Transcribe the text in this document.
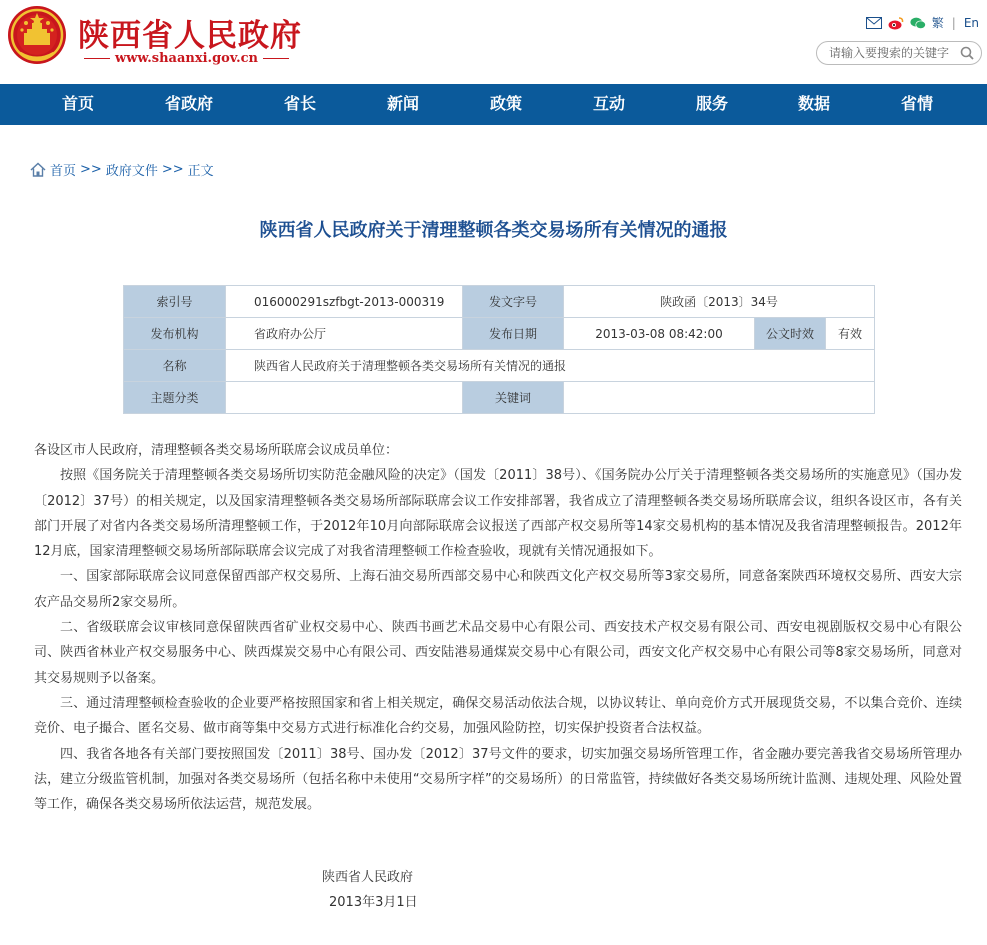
陕西省人民政府
www.shaanxi.gov.cn
繁 | En
请输入要搜索的关键字
首页	省政府	省长	新闻	政策	互动	服务	数据	省情
首页 >> 政府文件 >> 正文
陕西省人民政府关于清理整顿各类交易场所有关情况的通报
索引号	016000291szfbgt-2013-000319	发文字号	陕政函〔2013〕34号		
发布机构	省政府办公厅	发布日期	2013-03-08 08:42:00	公文时效	有效
名称	陕西省人民政府关于清理整顿各类交易场所有关情况的通报				
主题分类		关键词			

各设区市人民政府，清理整顿各类交易场所联席会议成员单位：

按照《国务院关于清理整顿各类交易场所切实防范金融风险的决定》（国发〔2011〕38号）、《国务院办公厅关于清理整顿各类交易场所的实施意见》（国办发〔2012〕37号）的相关规定，以及国家清理整顿各类交易场所部际联席会议工作安排部署，我省成立了清理整顿各类交易场所联席会议，组织各设区市，各有关部门开展了对省内各类交易场所清理整顿工作，于2012年10月向部际联席会议报送了西部产权交易所等14家交易机构的基本情况及我省清理整顿报告。2012年12月底，国家清理整顿交易场所部际联席会议完成了对我省清理整顿工作检查验收，现就有关情况通报如下。

一、国家部际联席会议同意保留西部产权交易所、上海石油交易所西部交易中心和陕西文化产权交易所等3家交易所，同意备案陕西环境权交易所、西安大宗农产品交易所2家交易所。

二、省级联席会议审核同意保留陕西省矿业权交易中心、陕西书画艺术品交易中心有限公司、西安技术产权交易有限公司、西安电视剧版权交易中心有限公司、陕西省林业产权交易服务中心、陕西煤炭交易中心有限公司、西安陆港易通煤炭交易中心有限公司，西安文化产权交易中心有限公司等8家交易场所，同意对其交易规则予以备案。

三、通过清理整顿检查验收的企业要严格按照国家和省上相关规定，确保交易活动依法合规，以协议转让、单向竞价方式开展现货交易，不以集合竞价、连续竞价、电子撮合、匿名交易、做市商等集中交易方式进行标准化合约交易，加强风险防控，切实保护投资者合法权益。

四、我省各地各有关部门要按照国发〔2011〕38号、国办发〔2012〕37号文件的要求，切实加强交易场所管理工作，省金融办要完善我省交易场所管理办法，建立分级监管机制，加强对各类交易场所（包括名称中未使用“交易所字样”的交易场所）的日常监管，持续做好各类交易场所统计监测、违规处理、风险处置等工作，确保各类交易场所依法运营，规范发展。

陕西省人民政府
2013年3月1日
